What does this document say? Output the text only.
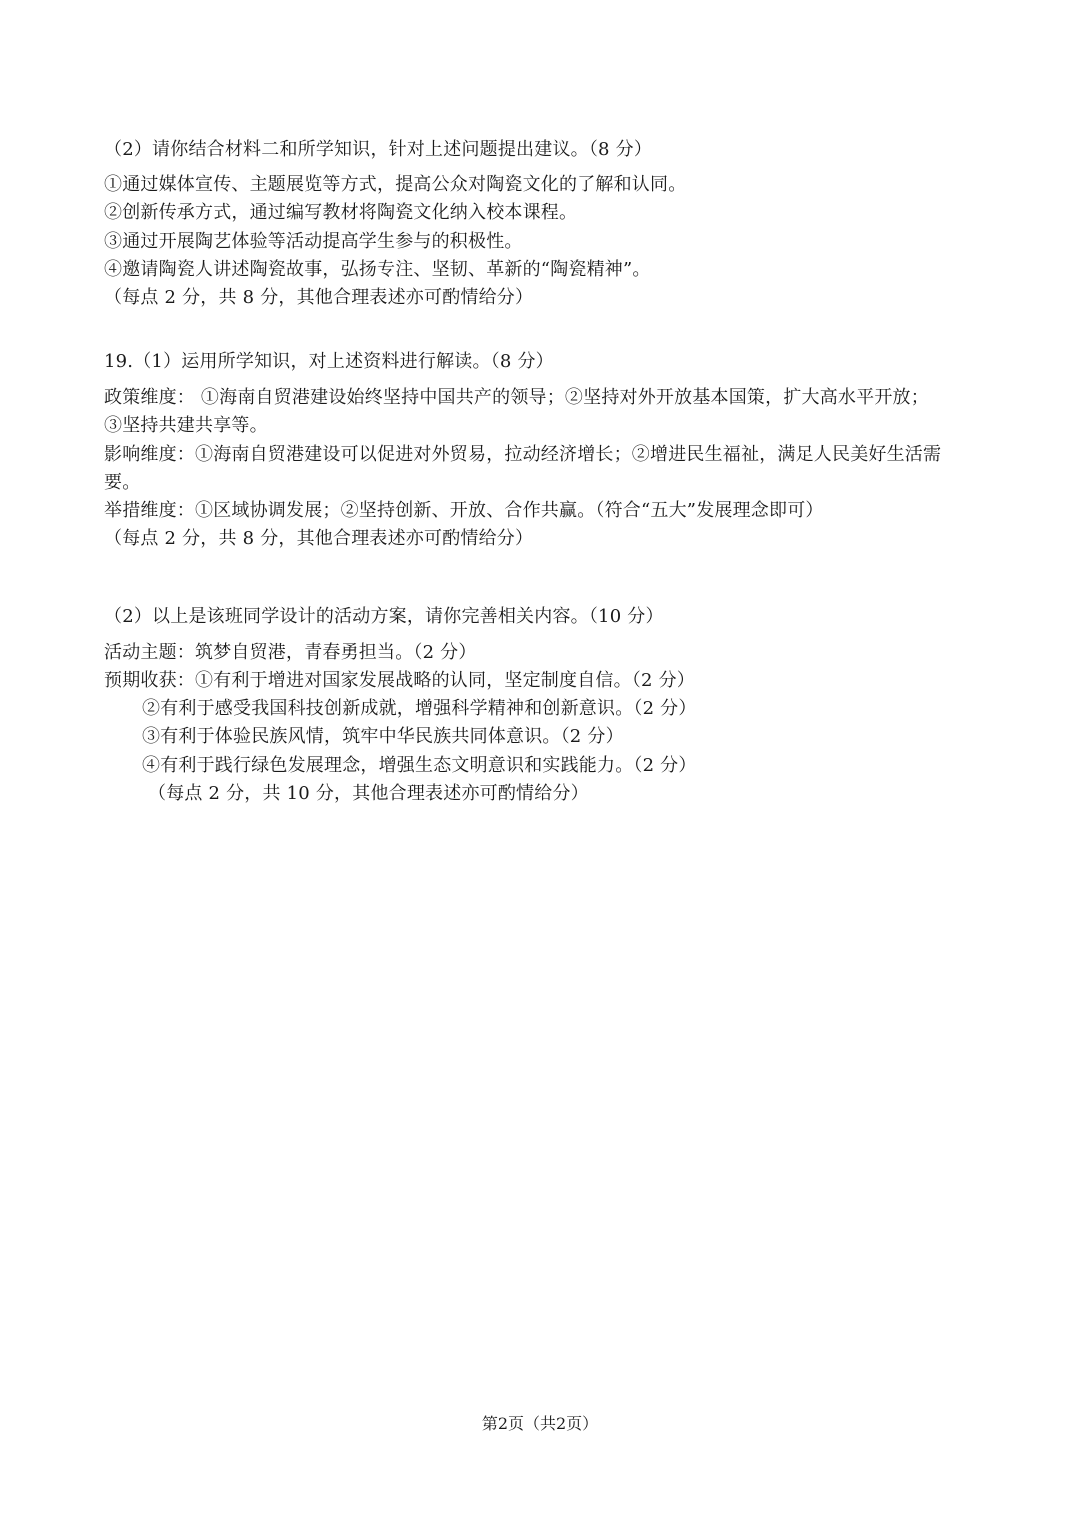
（2）请你结合材料二和所学知识，针对上述问题提出建议。（8 分）
①通过媒体宣传、主题展览等方式，提高公众对陶瓷文化的了解和认同。
②创新传承方式，通过编写教材将陶瓷文化纳入校本课程。
③通过开展陶艺体验等活动提高学生参与的积极性。
④邀请陶瓷人讲述陶瓷故事，弘扬专注、坚韧、革新的“陶瓷精神”。
（每点 2 分，共 8 分，其他合理表述亦可酌情给分）
19.（1）运用所学知识，对上述资料进行解读。（8 分）
政策维度： ①海南自贸港建设始终坚持中国共产的领导；②坚持对外开放基本国策，扩大高水平开放；
③坚持共建共享等。
影响维度：①海南自贸港建设可以促进对外贸易，拉动经济增长；②增进民生福祉，满足人民美好生活需
要。
举措维度：①区域协调发展；②坚持创新、开放、合作共赢。（符合“五大”发展理念即可）
（每点 2 分，共 8 分，其他合理表述亦可酌情给分）
（2）以上是该班同学设计的活动方案，请你完善相关内容。（10 分）
活动主题：筑梦自贸港，青春勇担当。（2 分）
预期收获：①有利于增进对国家发展战略的认同，坚定制度自信。（2 分）
②有利于感受我国科技创新成就，增强科学精神和创新意识。（2 分）
③有利于体验民族风情，筑牢中华民族共同体意识。（2 分）
④有利于践行绿色发展理念，增强生态文明意识和实践能力。（2 分）
（每点 2 分，共 10 分，其他合理表述亦可酌情给分）
第2页（共2页）
